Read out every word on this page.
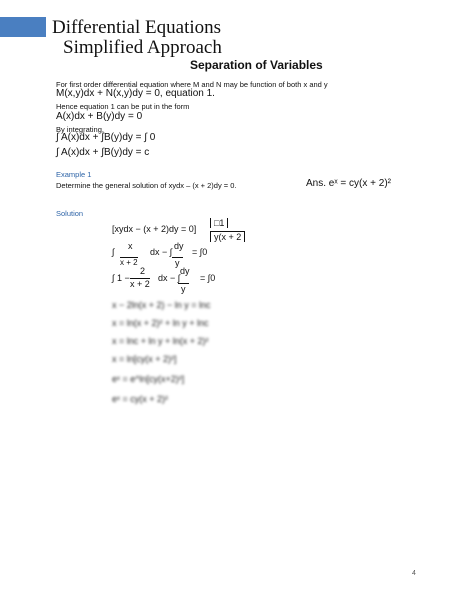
Differential Equations
Simplified Approach
Separation of Variables
For first order differential equation where M and N may be function of both x and y
M(x,y)dx + N(x,y)dy = 0, equation 1.
Hence equation 1 can be put in the form
A(x)dx + B(y)dy = 0
By integrating,
∫ A(x)dx + ∫B(y)dy = ∫ 0
∫ A(x)dx + ∫B(y)dy = c
Example 1
Determine the general solution of xydx – (x + 2)dy = 0.	Ans. eˣ = cy(x + 2)²
Solution
[xydx − (x + 2)dy = 0]
□1
y(x + 2
∫
x
dx − ∫
dy
= ∫0
x + 2	y
∫ 1 −
2
x + 2
dx − ∫
dy
= ∫0
y
x − 2ln(x + 2) − ln y = lnc
x = ln(x + 2)² + ln y + lnc
x = lnc + ln y + ln(x + 2)²
x = ln[cy(x + 2)²]
eˣ = e^ln[cy(x+2)²]
eˣ = cy(x + 2)²
4
